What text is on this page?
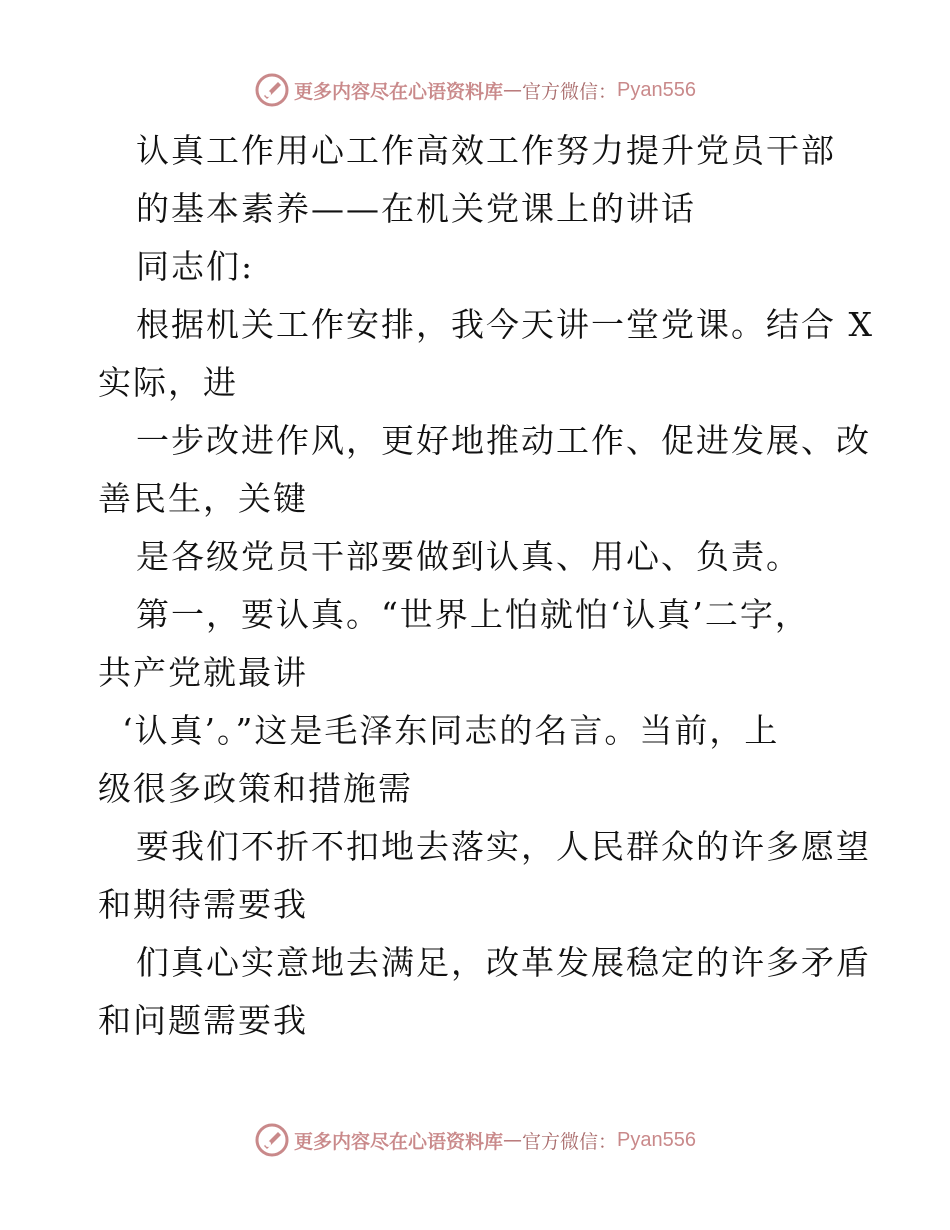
更多内容尽在心语资料库 — 官方微信： Pyan556
认真工作用心工作高效工作努力提升党员干部
的基本素养——在机关党课上的讲话
同志们:
根据机关工作安排，我今天讲一堂党课。结合 X
实际，进
一步改进作风，更好地推动工作、促进发展、改
善民生，关键
是各级党员干部要做到认真、用心、负责。
第一，要认真。“世界上怕就怕‘认真’二字，
共产党就最讲
‘认真’。”这是毛泽东同志的名言。当前，上
级很多政策和措施需
要我们不折不扣地去落实，人民群众的许多愿望
和期待需要我
们真心实意地去满足，改革发展稳定的许多矛盾
和问题需要我
更多内容尽在心语资料库 — 官方微信： Pyan556
